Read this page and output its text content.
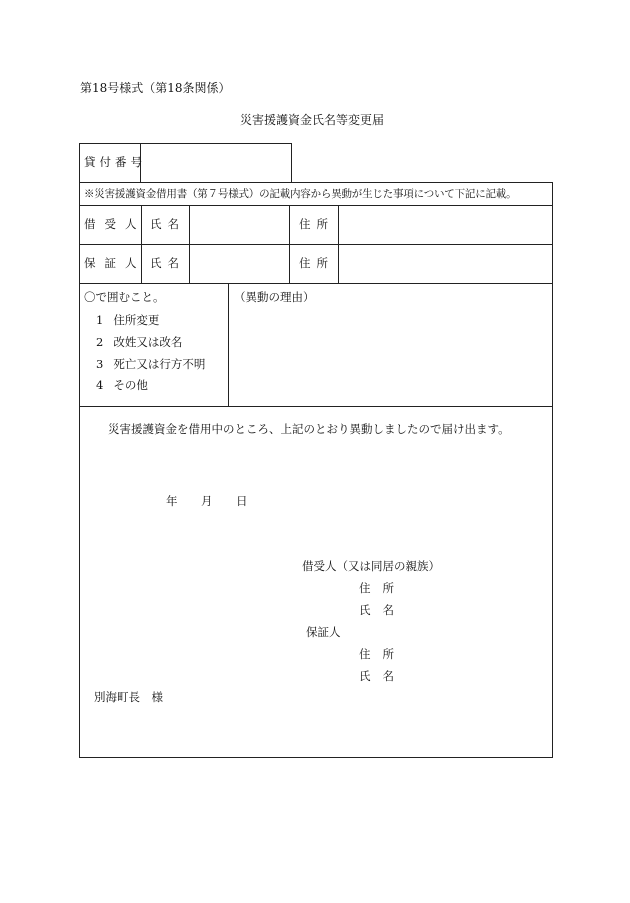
第18号様式（第18条関係）
災害援護資金氏名等変更届
貸付番号
※災害援護資金借用書（第７号様式）の記載内容から異動が生じた事項について下記に記載。
借受人 氏名	住所
保証人 氏名	住所
〇で囲むこと。
1 住所変更
2 改姓又は改名
3 死亡又は行方不明
4 その他
（異動の理由）
災害援護資金を借用中のところ、上記のとおり異動しましたので届け出ます。
年 月 日
借受人（又は同居の親族）
住所
氏名
保証人
住所
氏名
別海町長　様
